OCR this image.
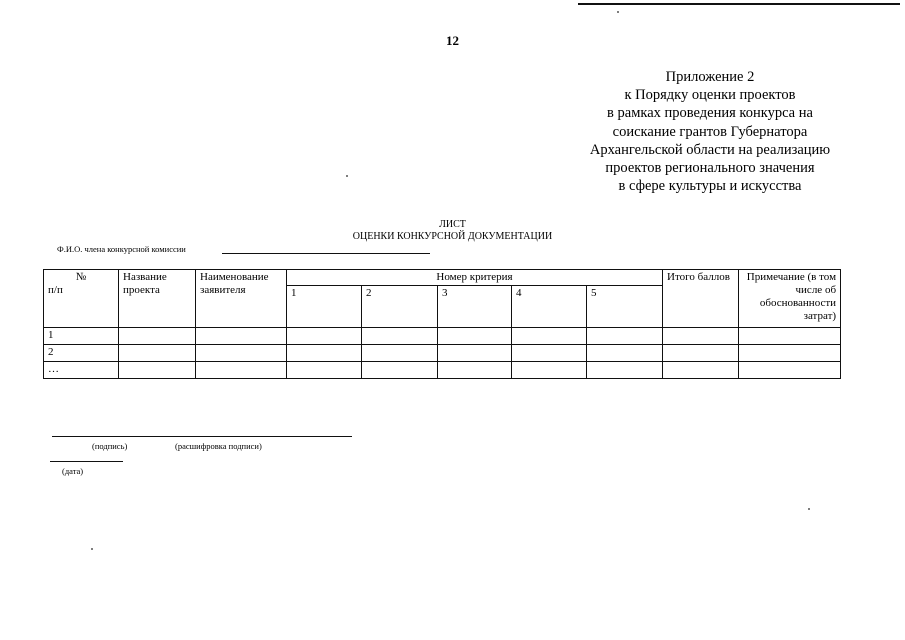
12
Приложение 2
к Порядку оценки проектов
в рамках проведения конкурса на
соискание грантов Губернатора
Архангельской области на реализацию
проектов регионального значения
в сфере культуры и искусства
ЛИСТ
ОЦЕНКИ КОНКУРСНОЙ ДОКУМЕНТАЦИИ
Ф.И.О. члена конкурсной комиссии
№
п/п	Название проекта	Наименование заявителя	Номер критерия					Итого баллов	Примечание (в том числе об обоснованности затрат)
			1	2	3	4	5		
1									
2									
…									
(подпись)	(расшифровка подписи)
(дата)
